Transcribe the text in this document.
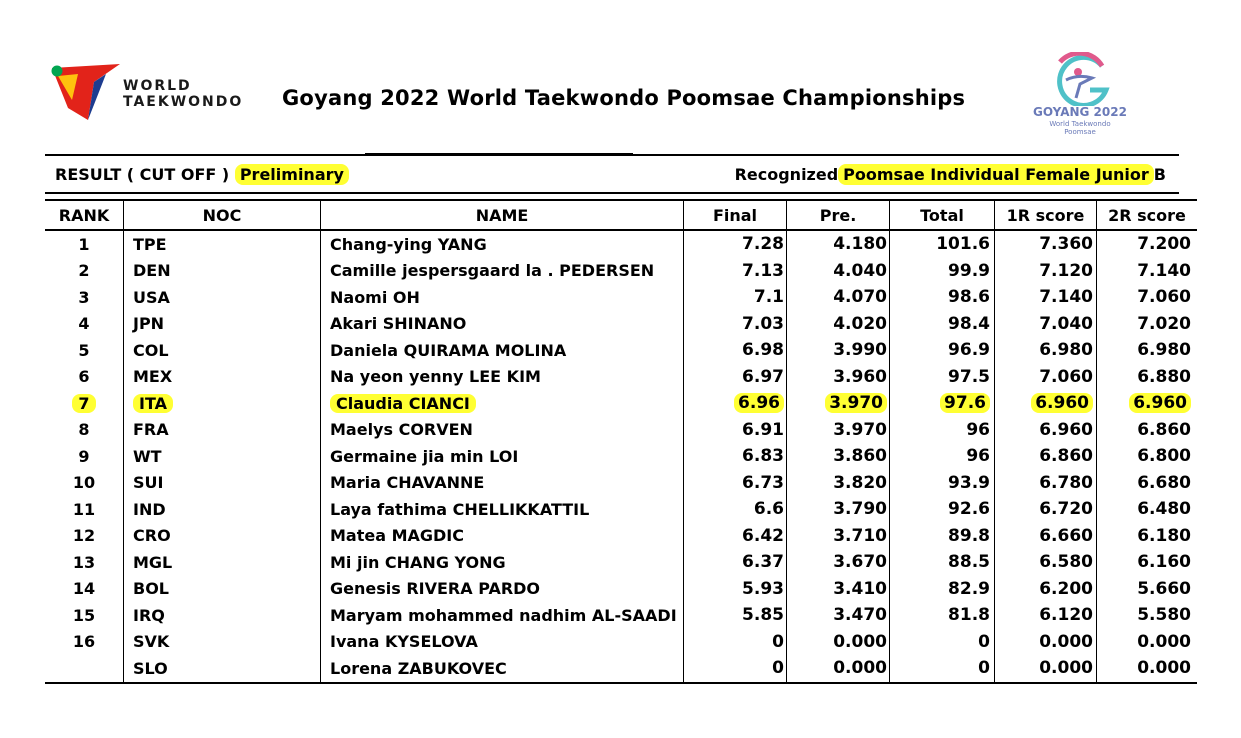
WORLD
TAEKWONDO Goyang 2022 World Taekwondo Poomsae Championships
GOYANG 2022
World Taekwondo
Poomsae
RESULT ( CUT OFF ) Preliminary	Recognized Poomsae Individual Female Junior B
RANK	NOC	NAME	Final	Pre.	Total	1R score	2R score
1	TPE	Chang-ying YANG	7.28	4.180	101.6	7.360	7.200
2	DEN	Camille jespersgaard la . PEDERSEN	7.13	4.040	99.9	7.120	7.140
3	USA	Naomi OH	7.1	4.070	98.6	7.140	7.060
4	JPN	Akari SHINANO	7.03	4.020	98.4	7.040	7.020
5	COL	Daniela QUIRAMA MOLINA	6.98	3.990	96.9	6.980	6.980
6	MEX	Na yeon yenny LEE KIM	6.97	3.960	97.5	7.060	6.880
7	ITA	Claudia CIANCI	6.96	3.970	97.6	6.960	6.960
8	FRA	Maelys CORVEN	6.91	3.970	96	6.960	6.860
9	WT	Germaine jia min LOI	6.83	3.860	96	6.860	6.800
10	SUI	Maria CHAVANNE	6.73	3.820	93.9	6.780	6.680
11	IND	Laya fathima CHELLIKKATTIL	6.6	3.790	92.6	6.720	6.480
12	CRO	Matea MAGDIC	6.42	3.710	89.8	6.660	6.180
13	MGL	Mi jin CHANG YONG	6.37	3.670	88.5	6.580	6.160
14	BOL	Genesis RIVERA PARDO	5.93	3.410	82.9	6.200	5.660
15	IRQ	Maryam mohammed nadhim AL-SAADI	5.85	3.470	81.8	6.120	5.580
16	SVK	Ivana KYSELOVA	0	0.000	0	0.000	0.000
	SLO	Lorena ZABUKOVEC	0	0.000	0	0.000	0.000
